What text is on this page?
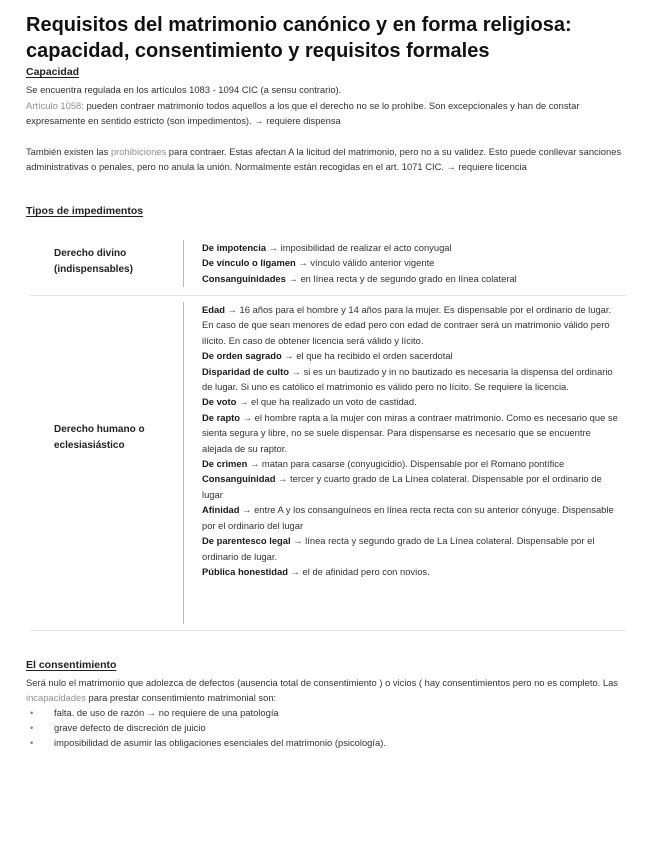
Requisitos del matrimonio canónico y en forma religiosa: capacidad, consentimiento y requisitos formales
Capacidad

Se encuentra regulada en los artículos 1083 - 1094 CIC (a sensu contrario).

Artículo 1058: pueden contraer matrimonio todos aquellos a los que el derecho no se lo prohíbe. Son excepcionales y han de constar expresamente en sentido estricto (son impedimentos). → requiere dispensa

También existen las prohibiciones para contraer. Estas afectan A la licitud del matrimonio, pero no a su validez. Esto puede conllevar sanciones administrativas o penales, pero no anula la unión. Normalmente están recogidas en el art. 1071 CIC. → requiere licencia

Tipos de impedimentos
Derecho divino (indispensables)

De impotencia → imposibilidad de realizar el acto conyugal

De vínculo o ligamen → vínculo válido anterior vigente

Consanguinidades → en línea recta y de segundo grado en línea colateral

Derecho humano o eclesiasiástico

Edad → 16 años para el hombre y 14 años para la mujer. Es dispensable por el ordinario de lugar. En caso de que sean menores de edad pero con edad de contraer será un matrimonio válido pero ilícito. En caso de obtener licencia será válido y lícito.

De orden sagrado → el que ha recibido el orden sacerdotal

Disparidad de culto → si es un bautizado y in no bautizado es necesaria la dispensa del ordinario de lugar. Si uno es católico el matrimonio es válido pero no lícito. Se requiere la licencia.

De voto → el que ha realizado un voto de castidad.

De rapto → el hombre rapta a la mujer con miras a contraer matrimonio. Como es necesario que se sienta segura y libre, no se suele dispensar. Para dispensarse es necesario que se encuentre alejada de su raptor.

De crimen → matan para casarse (conyugicidio). Dispensable por el Romano pontífice

Consanguinidad → tercer y cuarto grado de La Línea colateral. Dispensable por el ordinario de lugar

Afinidad → entre A y los consanguíneos en línea recta recta con su anterior cónyuge. Dispensable por el ordinario del lugar

De parentesco legal → línea recta y segundo grado de La Línea colateral. Dispensable por el ordinario de lugar.

Pública honestidad → el de afinidad pero con novios.

El consentimiento

Será nulo el matrimonio que adolezca de defectos (ausencia total de consentimiento ) o vicios ( hay consentimientos pero no es completo. Las incapacidades para prestar consentimiento matrimonial son:

• falta. de uso de razón → no requiere de una patología
• grave defecto de discreción de juicio
• imposibilidad de asumir las obligaciones esenciales del matrimonio (psicología).
